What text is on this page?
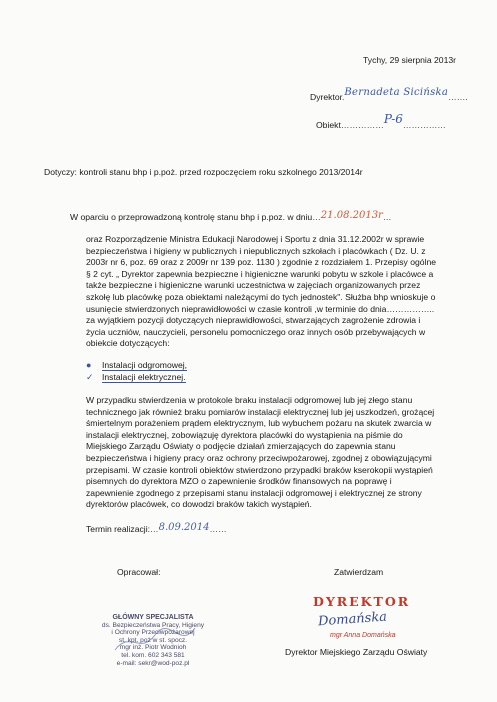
Tychy, 29 sierpnia 2013r
Dyrektor.Bernadeta Sicińska…….
Obiekt……………P-6……………
Dotyczy: kontroli stanu bhp i p.poż. przed rozpoczęciem roku szkolnego 2013/2014r
W oparciu o przeprowadzoną kontrolę stanu bhp i p.poz. w dniu…21.08.2013r…
oraz Rozporządzenie Ministra Edukacji Narodowej i Sportu z dnia 31.12.2002r w sprawie
bezpieczeństwa i higieny w publicznych i niepublicznych szkołach i placówkach ( Dz. U. z
2003r nr 6, poz. 69 oraz z 2009r nr 139 poz. 1130 ) zgodnie z rozdziałem 1. Przepisy ogólne
§ 2 cyt. „ Dyrektor zapewnia bezpieczne i higieniczne warunki pobytu w szkole i placówce a
także bezpieczne i higieniczne warunki uczestnictwa w zajęciach organizowanych przez
szkołę lub placówkę poza obiektami należącymi do tych jednostek". Służba bhp wnioskuje o
usunięcie stwierdzonych nieprawidłowości w czasie kontroli ,w terminie do dnia……………..
za wyjątkiem pozycji dotyczących nieprawidłowości, stwarzających zagrożenie zdrowia i
życia uczniów, nauczycieli, personelu pomocniczego oraz innych osób przebywających w
obiekcie dotyczących:
● Instalacji odgromowej,
✓ Instalacji elektrycznej.
W przypadku stwierdzenia w protokole braku instalacji odgromowej lub jej złego stanu
technicznego jak również braku pomiarów instalacji elektrycznej lub jej uszkodzeń, grożącej
śmiertelnym porażeniem prądem elektrycznym, lub wybuchem pożaru na skutek zwarcia w
instalacji elektrycznej, zobowiązuję dyrektora placówki do wystąpienia na piśmie do
Miejskiego Zarządu Oświaty o podjęcie działań zmierzających do zapewnia stanu
bezpieczeństwa i higieny pracy oraz ochrony przeciwpożarowej, zgodnej z obowiązującymi
przepisami. W czasie kontroli obiektów stwierdzono przypadki braków kserokopii wystąpień
pisemnych do dyrektora MZO o zapewnienie środków finansowych na poprawę i
zapewnienie zgodnego z przepisami stanu instalacji odgromowej i elektrycznej ze strony
dyrektorów placówek, co dowodzi braków takich wystąpień.
Termin realizacji:…8.09.2014……
Opracował:	Zatwierdzam
GŁÓWNY SPECJALISTA
ds. Bezpieczeństwa Pracy, Higieny
i Ochrony Przeciwpożarowej
st. kpt. poż w st. spocz.
mgr inż. Piotr Wodnioh
tel. kom. 602 343 581
e-mail: sekr@wod-poz.pl
DYREKTOR
Domańska
mgr Anna Domańska
Dyrektor Miejskiego Zarządu Oświaty
